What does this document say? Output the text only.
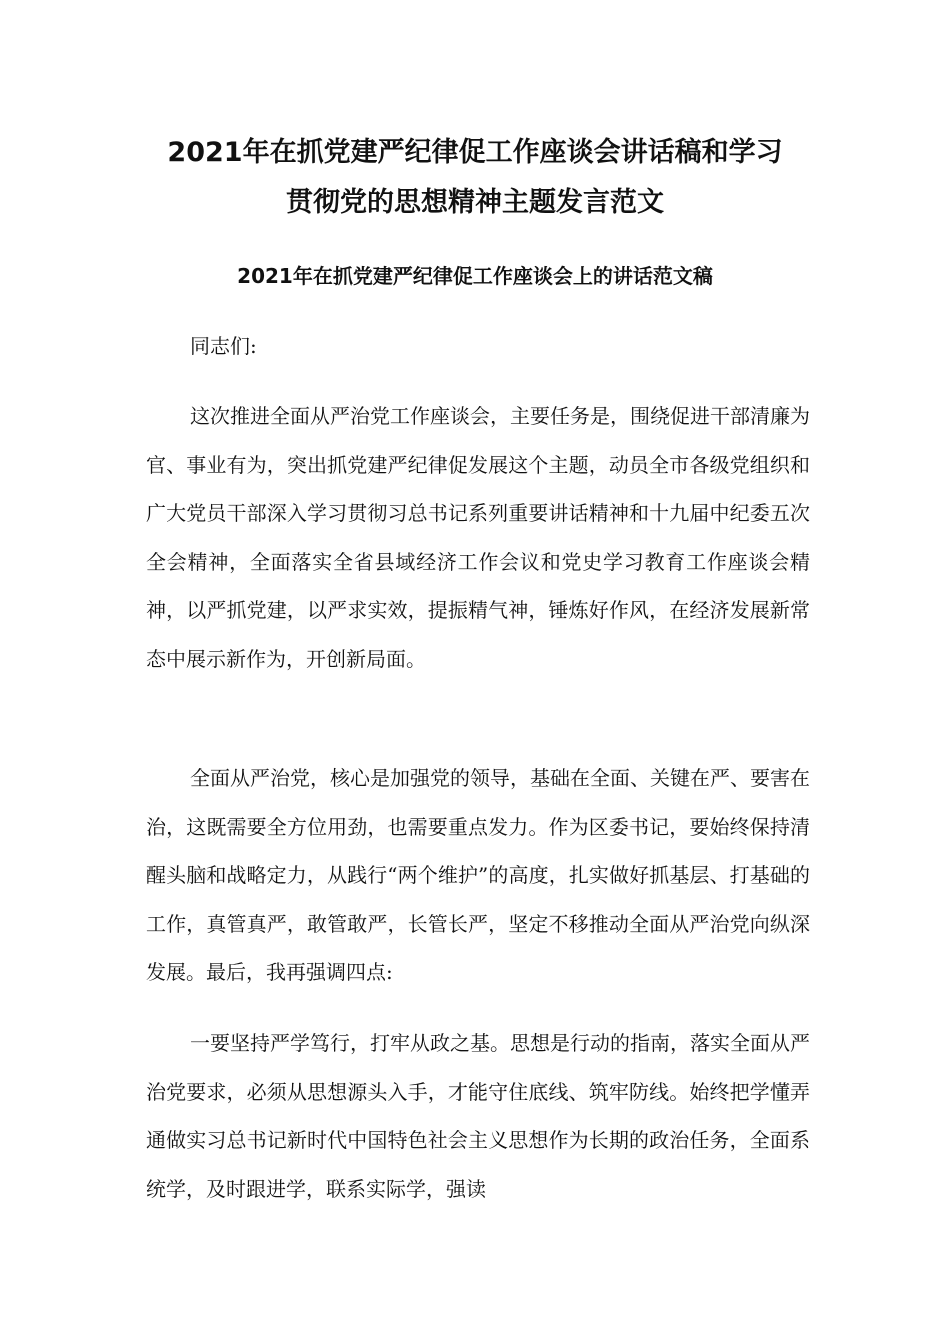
2021年在抓党建严纪律促工作座谈会讲话稿和学习
贯彻党的思想精神主题发言范文
2021年在抓党建严纪律促工作座谈会上的讲话范文稿

同志们:

这次推进全面从严治党工作座谈会，主要任务是，围绕促进干部清廉为官、事业有为，突出抓党建严纪律促发展这个主题，动员全市各级党组织和广大党员干部深入学习贯彻习总书记系列重要讲话精神和十九届中纪委五次全会精神，全面落实全省县域经济工作会议和党史学习教育工作座谈会精神，以严抓党建，以严求实效，提振精气神，锤炼好作风，在经济发展新常态中展示新作为，开创新局面。

全面从严治党，核心是加强党的领导，基础在全面、关键在严、要害在治，这既需要全方位用劲，也需要重点发力。作为区委书记，要始终保持清醒头脑和战略定力，从践行“两个维护”的高度，扎实做好抓基层、打基础的工作，真管真严，敢管敢严，长管长严，坚定不移推动全面从严治党向纵深发展。最后，我再强调四点:

一要坚持严学笃行，打牢从政之基。思想是行动的指南，落实全面从严治党要求，必须从思想源头入手，才能守住底线、筑牢防线。始终把学懂弄通做实习总书记新时代中国特色社会主义思想作为长期的政治任务，全面系统学，及时跟进学，联系实际学，强读
